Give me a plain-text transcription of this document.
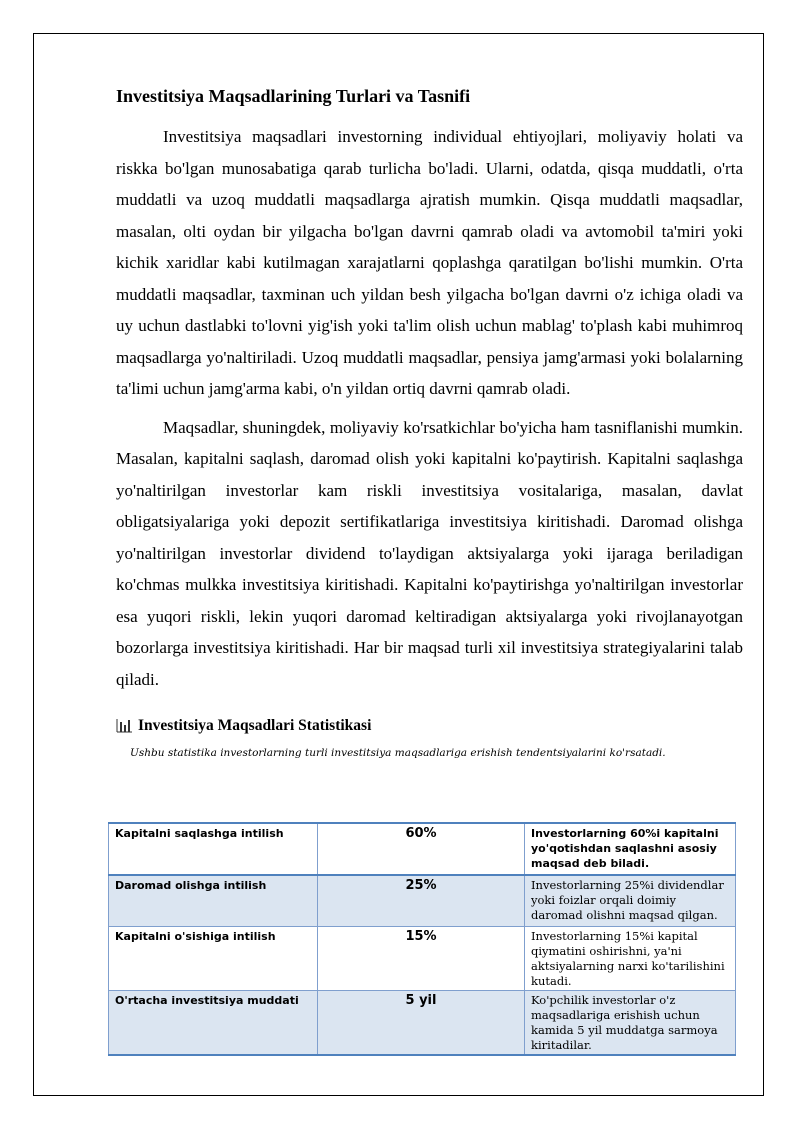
Investitsiya Maqsadlarining Turlari va Tasnifi

Investitsiya maqsadlari investorning individual ehtiyojlari, moliyaviy holati va riskka bo'lgan munosabatiga qarab turlicha bo'ladi. Ularni, odatda, qisqa muddatli, o'rta muddatli va uzoq muddatli maqsadlarga ajratish mumkin. Qisqa muddatli maqsadlar, masalan, olti oydan bir yilgacha bo'lgan davrni qamrab oladi va avtomobil ta'miri yoki kichik xaridlar kabi kutilmagan xarajatlarni qoplashga qaratilgan bo'lishi mumkin. O'rta muddatli maqsadlar, taxminan uch yildan besh yilgacha bo'lgan davrni o'z ichiga oladi va uy uchun dastlabki to'lovni yig'ish yoki ta'lim olish uchun mablag' to'plash kabi muhimroq maqsadlarga yo'naltiriladi. Uzoq muddatli maqsadlar, pensiya jamg'armasi yoki bolalarning ta'limi uchun jamg'arma kabi, o'n yildan ortiq davrni qamrab oladi.

Maqsadlar, shuningdek, moliyaviy ko'rsatkichlar bo'yicha ham tasniflanishi mumkin. Masalan, kapitalni saqlash, daromad olish yoki kapitalni ko'paytirish. Kapitalni saqlashga yo'naltirilgan investorlar kam riskli investitsiya vositalariga, masalan, davlat obligatsiyalariga yoki depozit sertifikatlariga investitsiya kiritishadi. Daromad olishga yo'naltirilgan investorlar dividend to'laydigan aktsiyalarga yoki ijaraga beriladigan ko'chmas mulkka investitsiya kiritishadi. Kapitalni ko'paytirishga yo'naltirilgan investorlar esa yuqori riskli, lekin yuqori daromad keltiradigan aktsiyalarga yoki rivojlanayotgan bozorlarga investitsiya kiritishadi. Har bir maqsad turli xil investitsiya strategiyalarini talab qiladi.

Investitsiya Maqsadlari Statistikasi
Ushbu statistika investorlarning turli investitsiya maqsadlariga erishish tendentsiyalarini ko'rsatadi.
Kapitalni saqlashga intilish	60%	Investorlarning 60%i kapitalni yo'qotishdan saqlashni asosiy maqsad deb biladi.
Daromad olishga intilish	25%	Investorlarning 25%i dividendlar yoki foizlar orqali doimiy daromad olishni maqsad qilgan.
Kapitalni o'sishiga intilish	15%	Investorlarning 15%i kapital qiymatini oshirishni, ya'ni aktsiyalarning narxi ko'tarilishini kutadi.
O'rtacha investitsiya muddati	5 yil	Ko'pchilik investorlar o'z maqsadlariga erishish uchun kamida 5 yil muddatga sarmoya kiritadilar.
